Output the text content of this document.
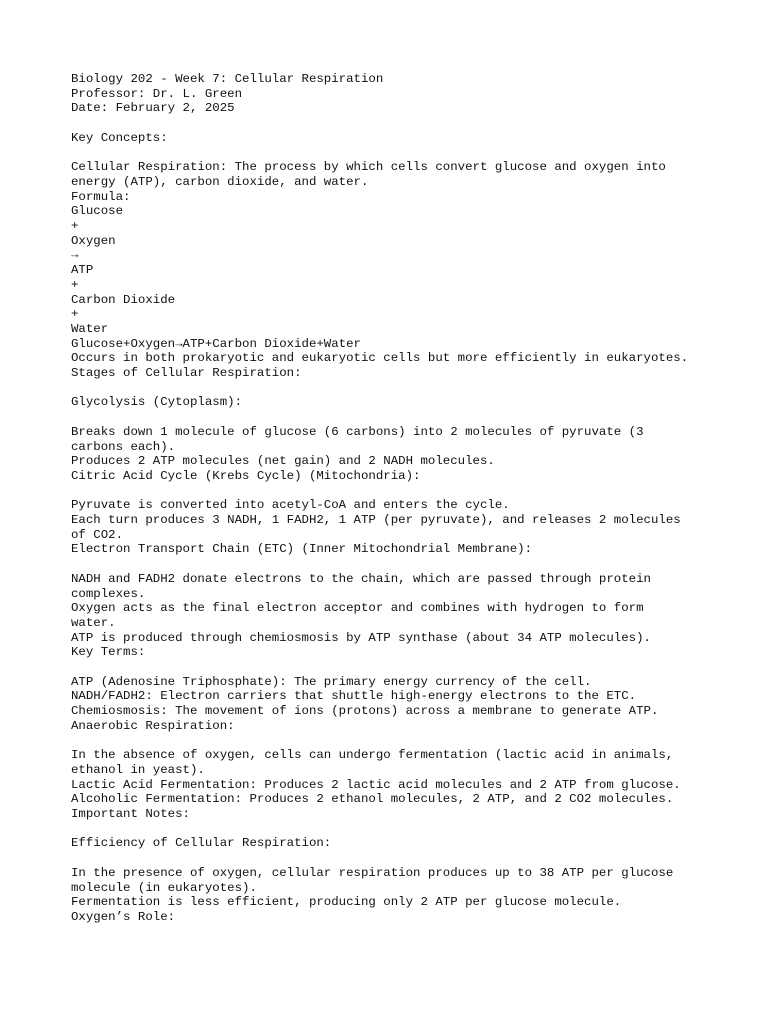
Biology 202 - Week 7: Cellular Respiration
Professor: Dr. L. Green
Date: February 2, 2025
Key Concepts:
Cellular Respiration: The process by which cells convert glucose and oxygen into
energy (ATP), carbon dioxide, and water.
Formula:
Glucose
+
Oxygen
→
ATP
+
Carbon Dioxide
+
Water
Glucose+Oxygen→ATP+Carbon Dioxide+Water
Occurs in both prokaryotic and eukaryotic cells but more efficiently in eukaryotes.
Stages of Cellular Respiration:
Glycolysis (Cytoplasm):
Breaks down 1 molecule of glucose (6 carbons) into 2 molecules of pyruvate (3
carbons each).
Produces 2 ATP molecules (net gain) and 2 NADH molecules.
Citric Acid Cycle (Krebs Cycle) (Mitochondria):
Pyruvate is converted into acetyl-CoA and enters the cycle.
Each turn produces 3 NADH, 1 FADH2, 1 ATP (per pyruvate), and releases 2 molecules
of CO2.
Electron Transport Chain (ETC) (Inner Mitochondrial Membrane):
NADH and FADH2 donate electrons to the chain, which are passed through protein
complexes.
Oxygen acts as the final electron acceptor and combines with hydrogen to form
water.
ATP is produced through chemiosmosis by ATP synthase (about 34 ATP molecules).
Key Terms:
ATP (Adenosine Triphosphate): The primary energy currency of the cell.
NADH/FADH2: Electron carriers that shuttle high-energy electrons to the ETC.
Chemiosmosis: The movement of ions (protons) across a membrane to generate ATP.
Anaerobic Respiration:
In the absence of oxygen, cells can undergo fermentation (lactic acid in animals,
ethanol in yeast).
Lactic Acid Fermentation: Produces 2 lactic acid molecules and 2 ATP from glucose.
Alcoholic Fermentation: Produces 2 ethanol molecules, 2 ATP, and 2 CO2 molecules.
Important Notes:
Efficiency of Cellular Respiration:
In the presence of oxygen, cellular respiration produces up to 38 ATP per glucose
molecule (in eukaryotes).
Fermentation is less efficient, producing only 2 ATP per glucose molecule.
Oxygen’s Role:
